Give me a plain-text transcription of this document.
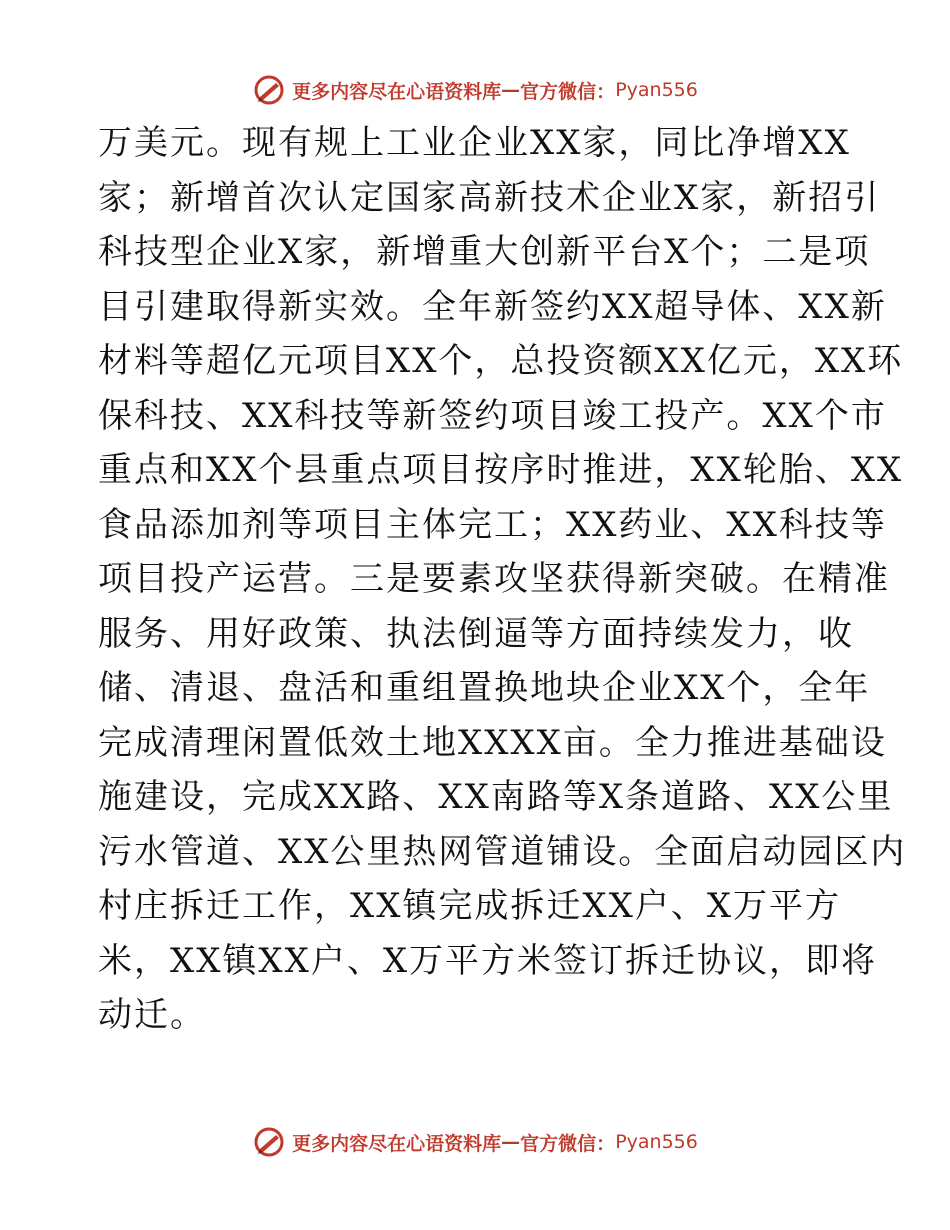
更多内容尽在心语资料库 — 官方微信： Pyan556
万美元。现有规上工业企业XX家，同比净增XX
家；新增首次认定国家高新技术企业X家，新招引
科技型企业X家，新增重大创新平台X个；二是项
目引建取得新实效。全年新签约XX超导体、XX新
材料等超亿元项目XX个，总投资额XX亿元，XX环
保科技、XX科技等新签约项目竣工投产。XX个市
重点和XX个县重点项目按序时推进，XX轮胎、XX
食品添加剂等项目主体完工；XX药业、XX科技等
项目投产运营。三是要素攻坚获得新突破。在精准
服务、用好政策、执法倒逼等方面持续发力，收
储、清退、盘活和重组置换地块企业XX个，全年
完成清理闲置低效土地XXXX亩。全力推进基础设
施建设，完成XX路、XX南路等X条道路、XX公里
污水管道、XX公里热网管道铺设。全面启动园区内
村庄拆迁工作，XX镇完成拆迁XX户、X万平方
米，XX镇XX户、X万平方米签订拆迁协议，即将
动迁。
更多内容尽在心语资料库 — 官方微信： Pyan556
